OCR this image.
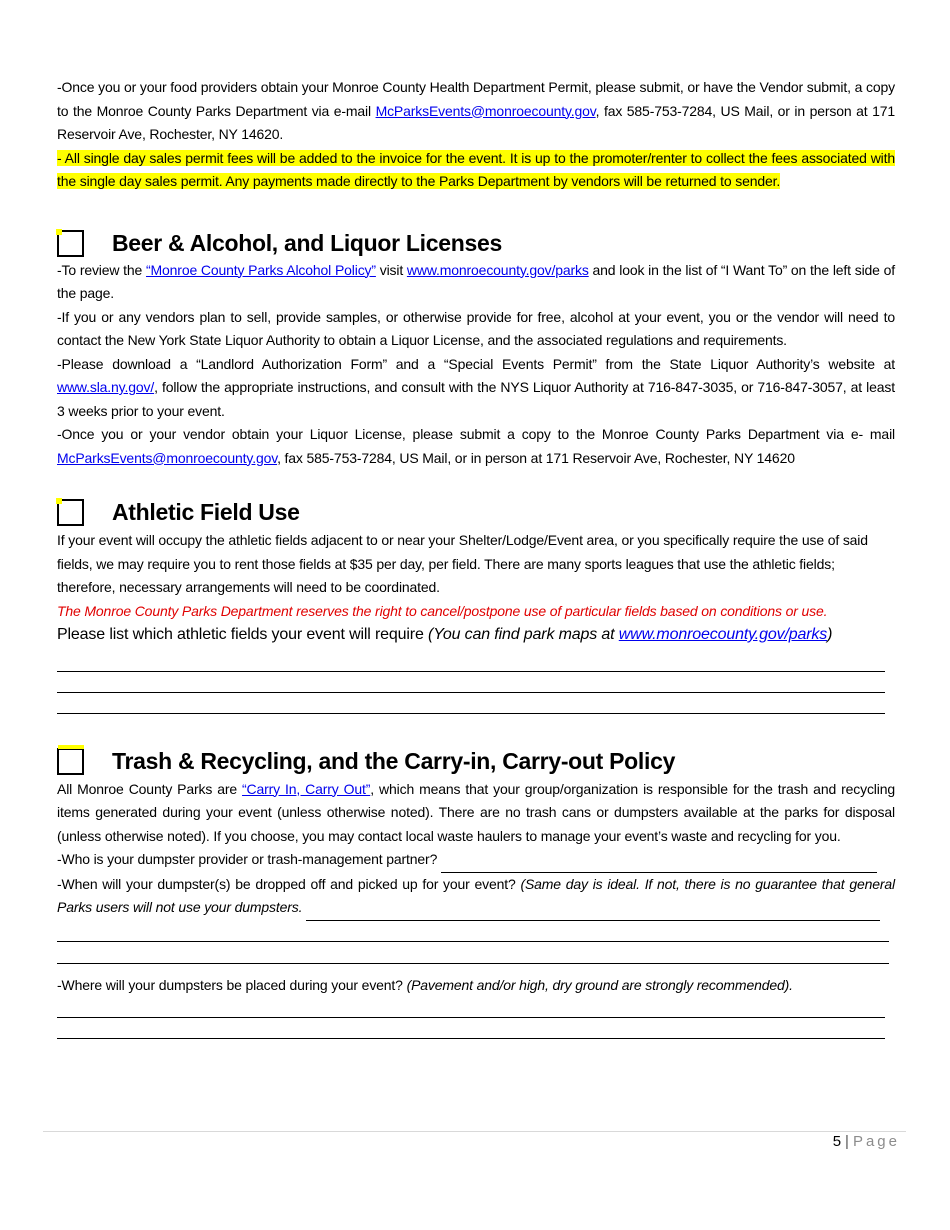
-Once you or your food providers obtain your Monroe County Health Department Permit, please submit, or have the Vendor submit, a copy to the Monroe County Parks Department via e-mail McParksEvents@monroecounty.gov, fax 585-753-7284, US Mail, or in person at 171 Reservoir Ave, Rochester, NY 14620.

- All single day sales permit fees will be added to the invoice for the event. It is up to the promoter/renter to collect the fees associated with the single day sales permit. Any payments made directly to the Parks Department by vendors will be returned to sender.

Beer & Alcohol, and Liquor Licenses

-To review the “Monroe County Parks Alcohol Policy” visit www.monroecounty.gov/parks and look in the list of “I Want To” on the left side of the page.

-If you or any vendors plan to sell, provide samples, or otherwise provide for free, alcohol at your event, you or the vendor will need to contact the New York State Liquor Authority to obtain a Liquor License, and the associated regulations and requirements.

-Please download a “Landlord Authorization Form” and a “Special Events Permit” from the State Liquor Authority’s website at www.sla.ny.gov/, follow the appropriate instructions, and consult with the NYS Liquor Authority at 716-847-3035, or 716-847-3057, at least 3 weeks prior to your event.

-Once you or your vendor obtain your Liquor License, please submit a copy to the Monroe County Parks Department via e- mail McParksEvents@monroecounty.gov, fax 585-753-7284, US Mail, or in person at 171 Reservoir Ave, Rochester, NY 14620

Athletic Field Use

If your event will occupy the athletic fields adjacent to or near your Shelter/Lodge/Event area, or you specifically require the use of said fields, we may require you to rent those fields at $35 per day, per field. There are many sports leagues that use the athletic fields; therefore, necessary arrangements will need to be coordinated.

The Monroe County Parks Department reserves the right to cancel/postpone use of particular fields based on conditions or use.

Please list which athletic fields your event will require (You can find park maps at www.monroecounty.gov/parks)

Trash & Recycling, and the Carry-in, Carry-out Policy

All Monroe County Parks are “Carry In, Carry Out”, which means that your group/organization is responsible for the trash and recycling items generated during your event (unless otherwise noted). There are no trash cans or dumpsters available at the parks for disposal (unless otherwise noted). If you choose, you may contact local waste haulers to manage your event’s waste and recycling for you.

-Who is your dumpster provider or trash-management partner?

-When will your dumpster(s) be dropped off and picked up for your event? (Same day is ideal. If not, there is no guarantee that general Parks users will not use your dumpsters.

-Where will your dumpsters be placed during your event? (Pavement and/or high, dry ground are strongly recommended).

5 | Page
